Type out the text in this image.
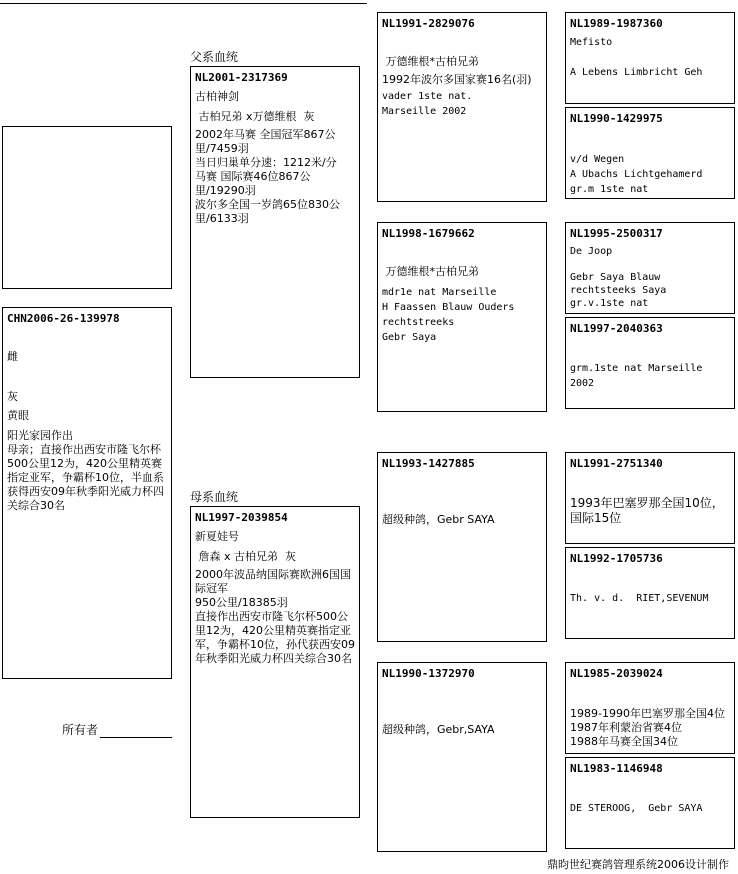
CHN2006-26-139978
雌
灰
黄眼
阳光家园作出
母亲；直接作出西安市隆飞尔杯500公里12为，420公里精英赛指定亚军，争霸杯10位，半血系获得西安09年秋季阳光威力杯四关综合30名
所有者
父系血统
NL2001-2317369
古柏神剑
古柏兄弟 x万德维根  灰
2002年马赛 全国冠军867公里/7459羽
当日归巢单分速：1212米/分
马赛 国际赛46位867公里/19290羽
波尔多全国一岁鸽65位830公里/6133羽
母系血统
NL1997-2039854
新夏娃号
詹森 x 古柏兄弟  灰
2000年波品纳国际赛欧洲6国国际冠军
950公里/18385羽
直接作出西安市隆飞尔杯500公里12为，420公里精英赛指定亚军，争霸杯10位，孙代获西安09年秋季阳光威力杯四关综合30名
NL1991-2829076
万德维根*古柏兄弟
1992年波尔多国家赛16名(羽)
vader 1ste nat.
Marseille 2002
NL1998-1679662
万德维根*古柏兄弟
mdr1e nat Marseille
H Faassen Blauw Ouders
rechtstreeks
Gebr Saya
NL1993-1427885
超级种鸽，Gebr SAYA
NL1990-1372970
超级种鸽，Gebr,SAYA
NL1989-1987360
Mefisto

A Lebens Limbricht Geh
NL1990-1429975
v/d Wegen
A Ubachs Lichtgehamerd
gr.m 1ste nat
NL1995-2500317
De Joop

Gebr Saya Blauw
rechtsteeks Saya
gr.v.1ste nat
NL1997-2040363
grm.1ste nat Marseille
2002
NL1991-2751340
1993年巴塞罗那全国10位，国际15位
NL1992-1705736
Th. v. d.  RIET,SEVENUM
NL1985-2039024
1989-1990年巴塞罗那全国4位
1987年利蒙治省赛4位
1988年马赛全国34位
NL1983-1146948
DE STEROOG,  Gebr SAYA
鼎昀世纪赛鸽管理系统2006设计制作
